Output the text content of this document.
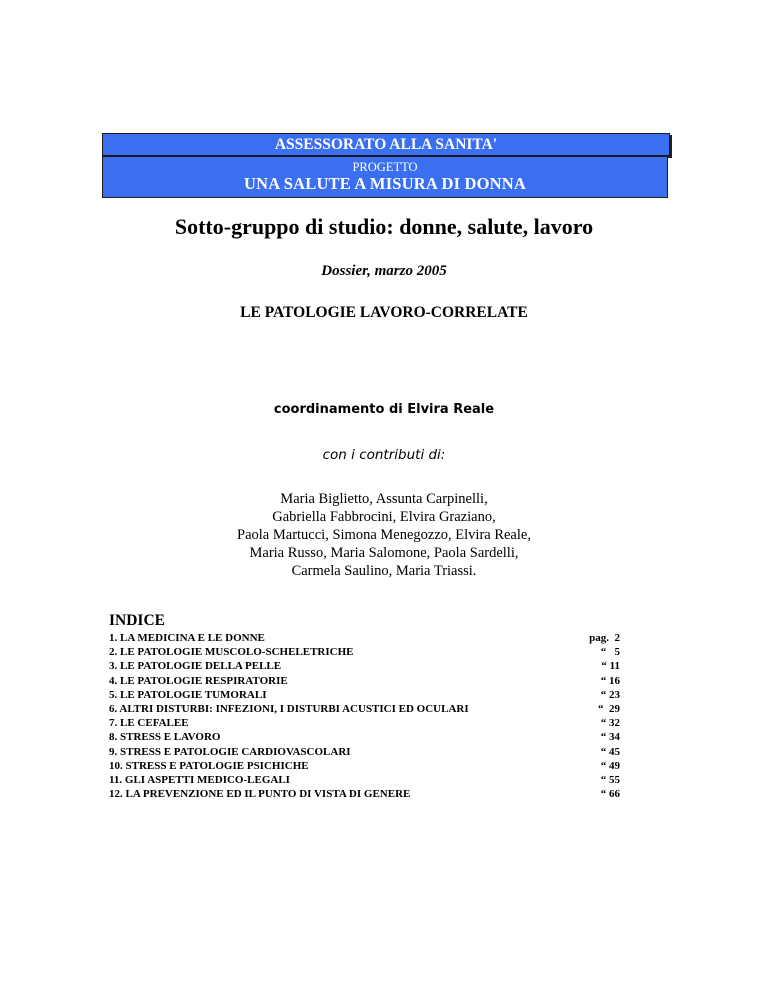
ASSESSORATO ALLA SANITA'
PROGETTO
UNA SALUTE A MISURA DI DONNA
Sotto-gruppo di studio: donne, salute, lavoro
Dossier, marzo 2005
LE PATOLOGIE LAVORO-CORRELATE
coordinamento di Elvira Reale
con i contributi di:
Maria Biglietto, Assunta Carpinelli,
Gabriella Fabbrocini, Elvira Graziano,
Paola Martucci, Simona Menegozzo, Elvira Reale,
Maria Russo, Maria Salomone, Paola Sardelli,
Carmela Saulino, Maria Triassi.
INDICE
1. LA MEDICINA E LE DONNE
2. LE PATOLOGIE MUSCOLO-SCHELETRICHE
3. LE PATOLOGIE DELLA PELLE
4. LE PATOLOGIE RESPIRATORIE
5. LE PATOLOGIE TUMORALI
6. ALTRI DISTURBI: INFEZIONI, I DISTURBI ACUSTICI ED OCULARI
7. LE CEFALEE
8. STRESS E LAVORO
9. STRESS E PATOLOGIE CARDIOVASCOLARI
10. STRESS E PATOLOGIE PSICHICHE
11. GLI ASPETTI MEDICO-LEGALI
12. LA PREVENZIONE ED IL PUNTO DI VISTA DI GENERE
pag.  2
“   5
“ 11
“ 16
“ 23
“  29
“ 32
“ 34
“ 45
“ 49
“ 55
“ 66
